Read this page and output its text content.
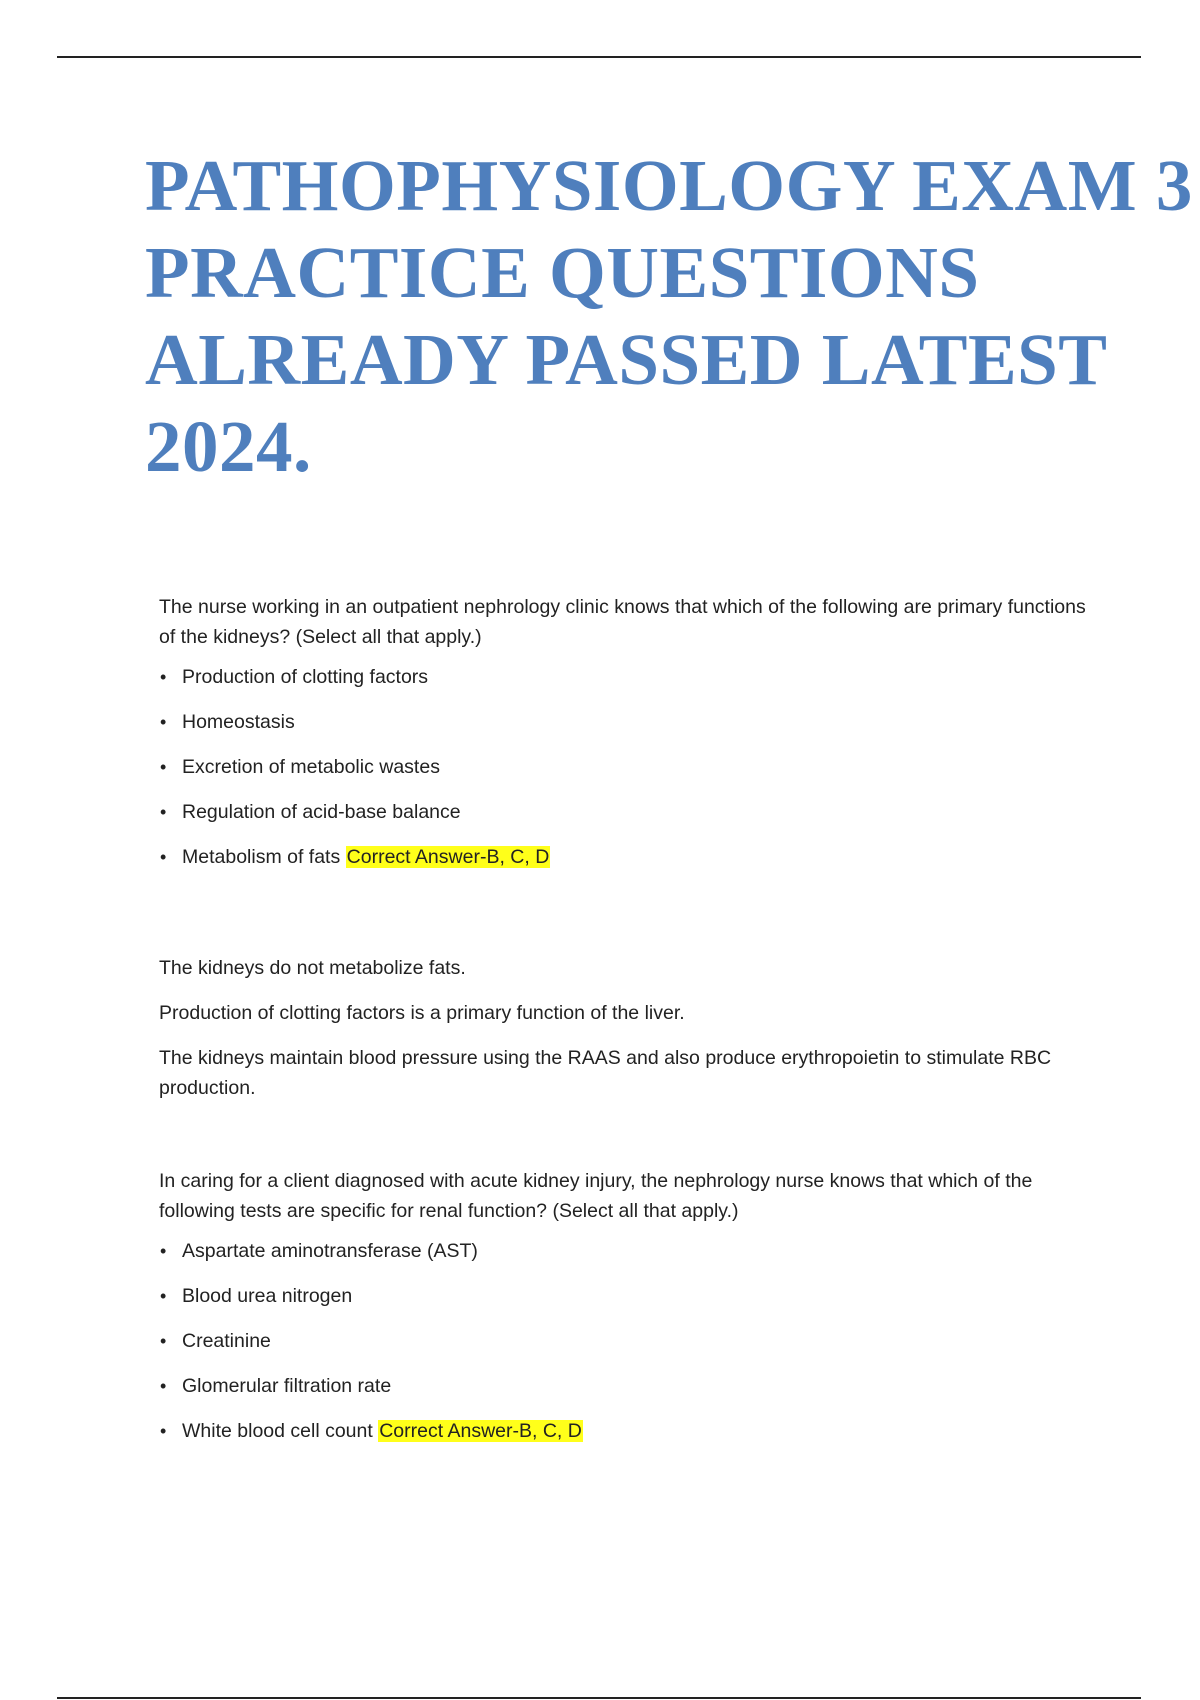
PATHOPHYSIOLOGY EXAM 3
PRACTICE QUESTIONS
ALREADY PASSED LATEST
2024.

The nurse working in an outpatient nephrology clinic knows that which of the following are primary functions of the kidneys? (Select all that apply.)

• Production of clotting factors
• Homeostasis
• Excretion of metabolic wastes
• Regulation of acid-base balance
• Metabolism of fats Correct Answer-B, C, D

The kidneys do not metabolize fats.

Production of clotting factors is a primary function of the liver.

The kidneys maintain blood pressure using the RAAS and also produce erythropoietin to stimulate RBC production.

In caring for a client diagnosed with acute kidney injury, the nephrology nurse knows that which of the following tests are specific for renal function? (Select all that apply.)

• Aspartate aminotransferase (AST)
• Blood urea nitrogen
• Creatinine
• Glomerular filtration rate
• White blood cell count Correct Answer-B, C, D
